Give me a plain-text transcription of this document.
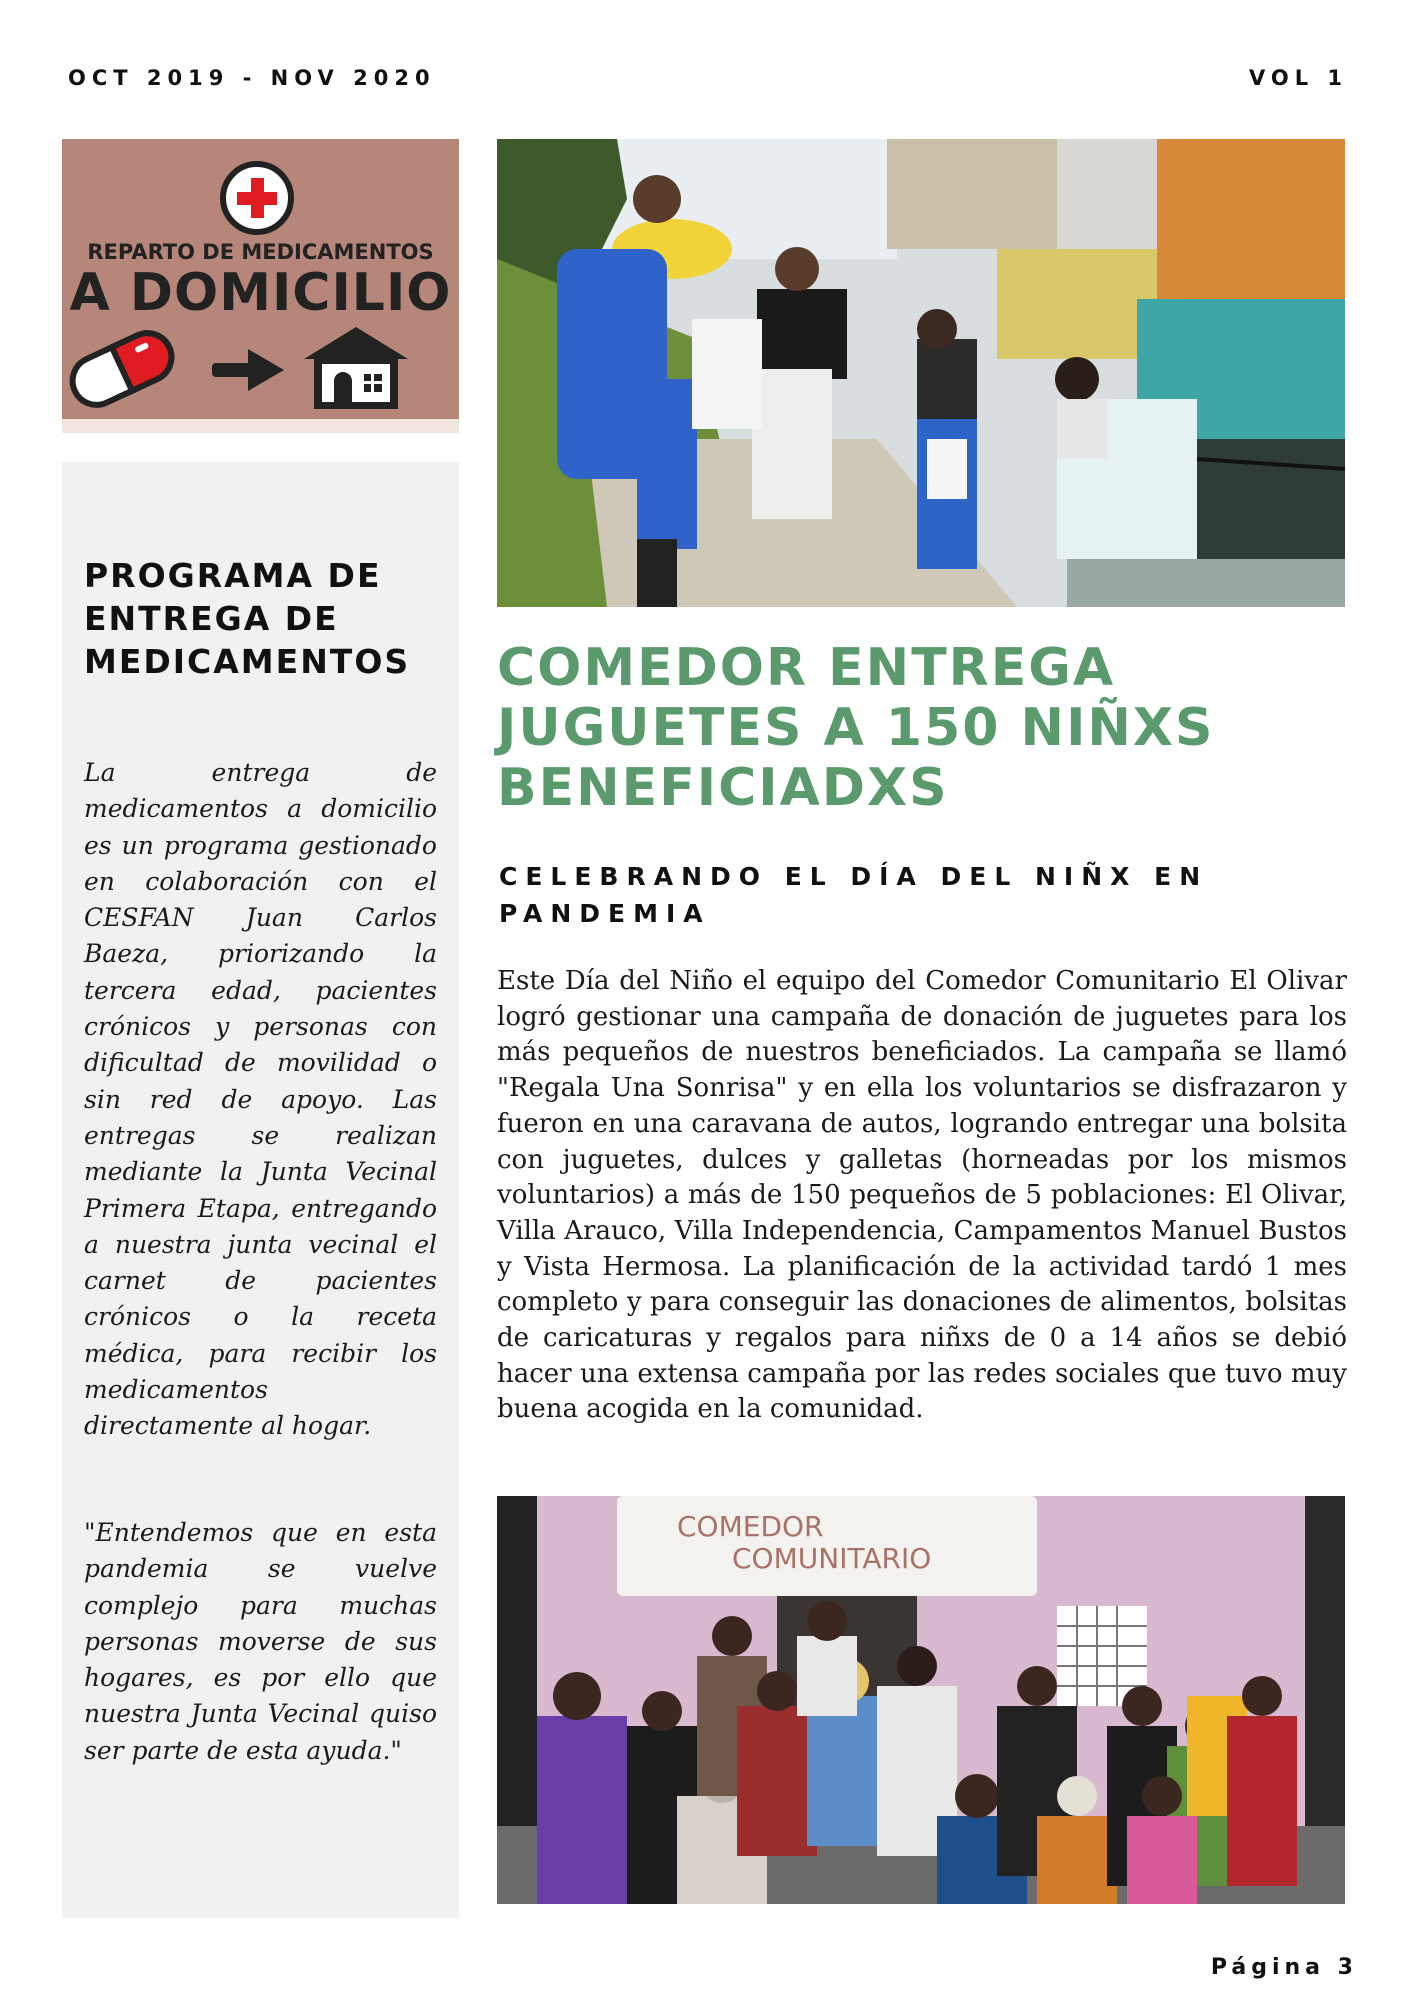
OCT 2019 - NOV 2020	VOL 1
REPARTO DE MEDICAMENTOS
A DOMICILIO
PROGRAMA DE ENTREGA DE MEDICAMENTOS
La entrega de medicamentos a domicilio es un programa gestionado en colaboración con el CESFAN Juan Carlos Baeza, priorizando la tercera edad, pacientes crónicos y personas con dificultad de movilidad o sin red de apoyo. Las entregas se realizan mediante la Junta Vecinal Primera Etapa, entregando a nuestra junta vecinal el carnet de pacientes crónicos o la receta médica, para recibir los medicamentos directamente al hogar.
"Entendemos que en esta pandemia se vuelve complejo para muchas personas moverse de sus hogares, es por ello que nuestra Junta Vecinal quiso ser parte de esta ayuda."
COMEDOR ENTREGA JUGUETES A 150 NIÑXS BENEFICIADXS
CELEBRANDO EL DÍA DEL NIÑX EN PANDEMIA
Este Día del Niño el equipo del Comedor Comunitario El Olivar logró gestionar una campaña de donación de juguetes para los más pequeños de nuestros beneficiados. La campaña se llamó "Regala Una Sonrisa" y en ella los voluntarios se disfrazaron y fueron en una caravana de autos, logrando entregar una bolsita con juguetes, dulces y galletas (horneadas por los mismos voluntarios) a más de 150 pequeños de 5 poblaciones: El Olivar, Villa Arauco, Villa Independencia, Campamentos Manuel Bustos y Vista Hermosa. La planificación de la actividad tardó 1 mes completo y para conseguir las donaciones de alimentos, bolsitas de caricaturas y regalos para niñxs de 0 a 14 años se debió hacer una extensa campaña por las redes sociales que tuvo muy buena acogida en la comunidad.
COMEDOR
COMUNITARIO
Página 3
